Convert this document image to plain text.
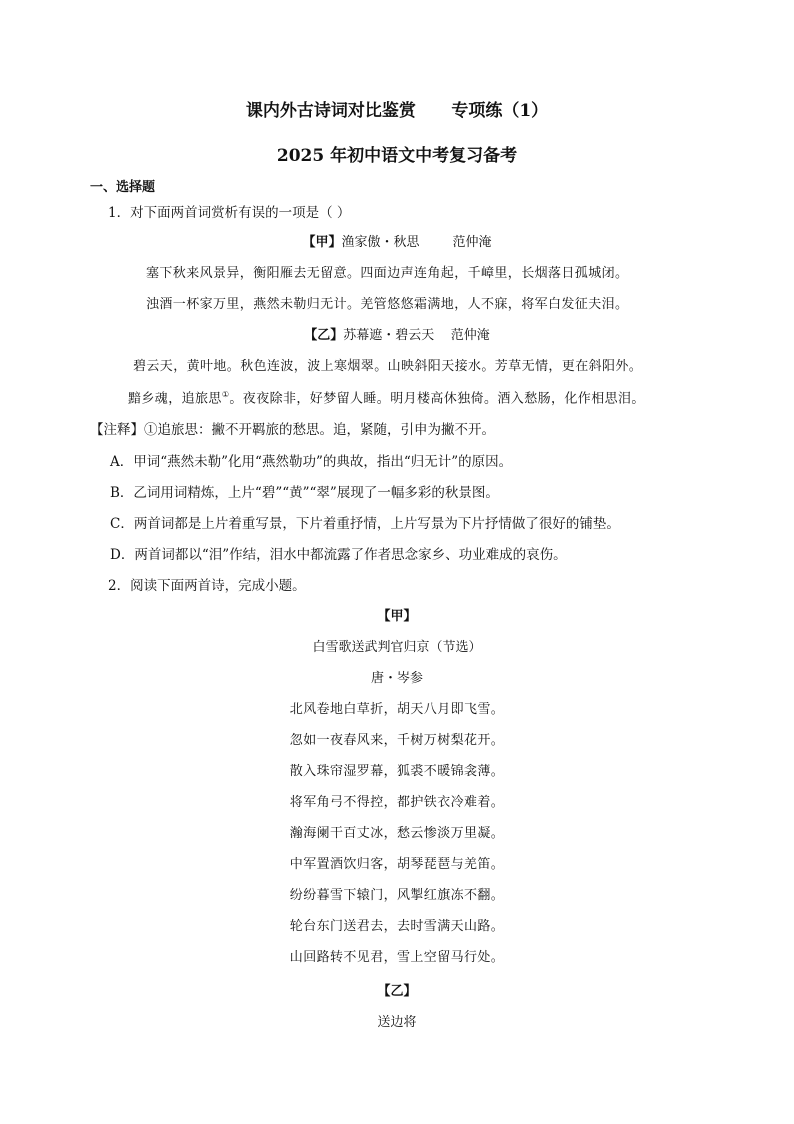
课内外古诗词对比鉴赏      专项练（1）
2025 年初中语文中考复习备考
一、选择题
1．对下面两首词赏析有误的一项是（ ）
【甲】渔家傲・秋思        范仲淹
塞下秋来风景异，衡阳雁去无留意。四面边声连角起，千嶂里，长烟落日孤城闭。
浊酒一杯家万里，燕然未勒归无计。羌管悠悠霜满地，人不寐，将军白发征夫泪。
【乙】苏幕遮・碧云天    范仲淹
碧云天，黄叶地。秋色连波，波上寒烟翠。山映斜阳天接水。芳草无情，更在斜阳外。
黯乡魂，追旅思①。夜夜除非，好梦留人睡。明月楼高休独倚。酒入愁肠，化作相思泪。
【注释】①追旅思：撇不开羁旅的愁思。追，紧随，引申为撇不开。
A．甲词“燕然未勒”化用“燕然勒功”的典故，指出“归无计”的原因。
B．乙词用词精炼，上片“碧”“黄”“翠”展现了一幅多彩的秋景图。
C．两首词都是上片着重写景，下片着重抒情，上片写景为下片抒情做了很好的铺垫。
D．两首词都以“泪”作结，泪水中都流露了作者思念家乡、功业难成的哀伤。
2．阅读下面两首诗，完成小题。
【甲】
白雪歌送武判官归京（节选）
唐・岑参
北风卷地白草折，胡天八月即飞雪。
忽如一夜春风来，千树万树梨花开。
散入珠帘湿罗幕，狐裘不暖锦衾薄。
将军角弓不得控，都护铁衣冷难着。
瀚海阑干百丈冰，愁云惨淡万里凝。
中军置酒饮归客，胡琴琵琶与羌笛。
纷纷暮雪下辕门，风掣红旗冻不翻。
轮台东门送君去，去时雪满天山路。
山回路转不见君，雪上空留马行处。
【乙】
送边将
